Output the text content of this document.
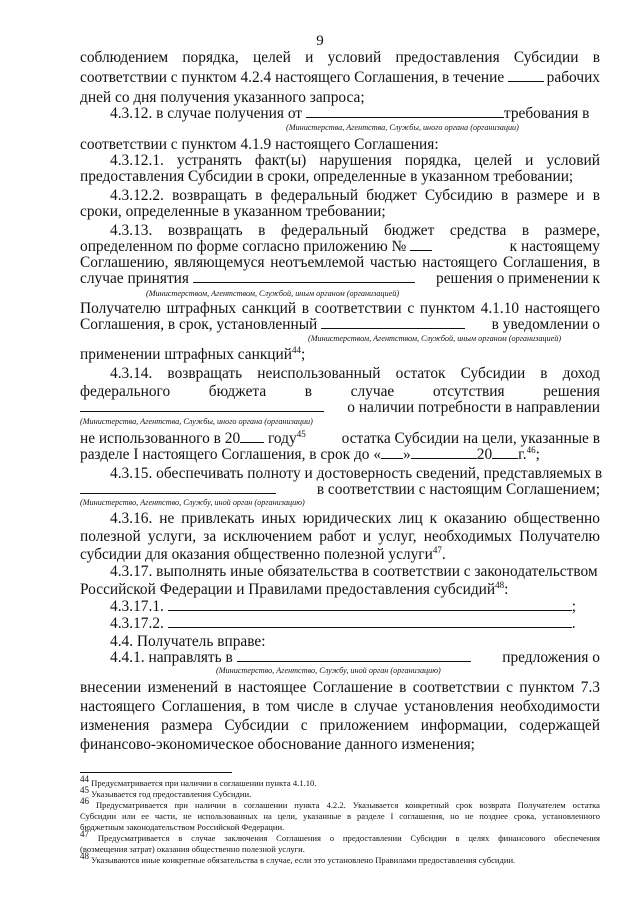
9
соблюдением порядка, целей и условий предоставления Субсидии в
соответствии с пунктом 4.2.4 настоящего Соглашения, в течение	рабочих
дней со дня получения указанного запроса;
4.3.12. в случае получения от	требования в
(Министерства, Агентства, Службы, иного органа (организации)
соответствии с пунктом 4.1.9 настоящего Соглашения:
4.3.12.1. устранять факт(ы) нарушения порядка, целей и условий
предоставления Субсидии в сроки, определенные в указанном требовании;
4.3.12.2. возвращать в федеральный бюджет Субсидию в размере и в
сроки, определенные в указанном требовании;
4.3.13. возвращать в федеральный бюджет средства в размере,
определенном по форме согласно приложению №	к настоящему
Соглашению, являющемуся неотъемлемой частью настоящего Соглашения, в
случае принятия	решения о применении к
(Министерством, Агентством, Службой, иным органом (организацией)
Получателю штрафных санкций в соответствии с пунктом 4.1.10 настоящего
Соглашения, в срок, установленный	в уведомлении о
(Министерством, Агентством, Службой, иным органом (организацией)
применении штрафных санкций$^{44}$;
4.3.14. возвращать неиспользованный остаток Субсидии в доход
федерального бюджета в случае отсутствия решения
о наличии потребности в направлении
(Министерства, Агентства, Службы, иного органа (организации)
не использованного в 20 году$^{45}$ остатка Субсидии на цели, указанные в
разделе I настоящего Соглашения, в срок до « »	20 г.$^{46}$;
4.3.15. обеспечивать полноту и достоверность сведений, представляемых в
в соответствии с настоящим Соглашением;
(Министерство, Агентство, Службу, иной орган (организацию)
4.3.16. не привлекать иных юридических лиц к оказанию общественно
полезной услуги, за исключением работ и услуг, необходимых Получателю
субсидии для оказания общественно полезной услуги$^{47}$.
4.3.17. выполнять иные обязательства в соответствии с законодательством
Российской Федерации и Правилами предоставления субсидий$^{48}$:
4.3.17.1.	;
4.3.17.2.	.
4.4. Получатель вправе:
4.4.1. направлять в	предложения о
(Министерство, Агентство, Службу, иной орган (организацию)
внесении изменений в настоящее Соглашение в соответствии с пунктом 7.3
настоящего Соглашения, в том числе в случае установления необходимости
изменения размера Субсидии с приложением информации, содержащей
финансово-экономическое обоснование данного изменения;
$^{44}$ Предусматривается при наличии в соглашении пункта 4.1.10.
$^{45}$ Указывается год предоставления Субсидии.
$^{46}$ Предусматривается при наличии в соглашении пункта 4.2.2. Указывается конкретный срок возврата Получателем остатка
Субсидии или ее части, не использованных на цели, указанные в разделе I соглашения, но не позднее срока, установленного
бюджетным законодательством Российской Федерации.
$^{47}$ Предусматривается в случае заключения Соглашения о предоставлении Субсидии в целях финансового обеспечения
(возмещения затрат) оказания общественно полезной услуги.
$^{48}$ Указываются иные конкретные обязательства в случае, если это установлено Правилами предоставления субсидии.
